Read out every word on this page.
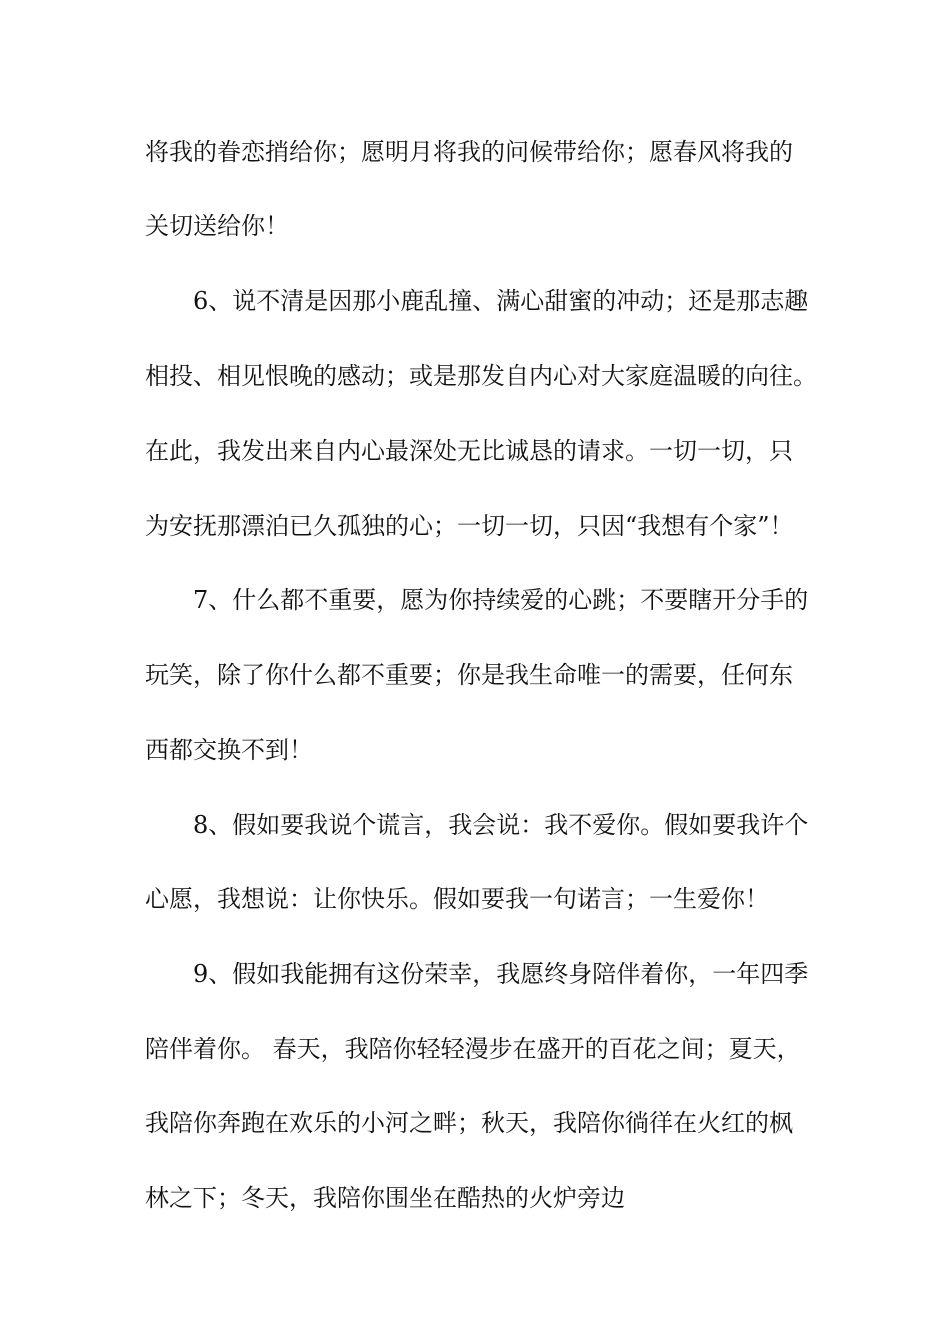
将我的眷恋捎给你；愿明月将我的问候带给你；愿春风将我的

关切送给你！

6、说不清是因那小鹿乱撞、满心甜蜜的冲动；还是那志趣

相投、相见恨晚的感动；或是那发自内心对大家庭温暖的向往。

在此，我发出来自内心最深处无比诚恳的请求。一切一切，只

为安抚那漂泊已久孤独的心；一切一切，只因“我想有个家”！

7、什么都不重要，愿为你持续爱的心跳；不要瞎开分手的

玩笑，除了你什么都不重要；你是我生命唯一的需要，任何东

西都交换不到！

8、假如要我说个谎言，我会说：我不爱你。假如要我许个

心愿，我想说：让你快乐。假如要我一句诺言；一生爱你！

9、假如我能拥有这份荣幸，我愿终身陪伴着你，一年四季

陪伴着你。 春天，我陪你轻轻漫步在盛开的百花之间；夏天，

我陪你奔跑在欢乐的小河之畔；秋天，我陪你徜徉在火红的枫

林之下；冬天，我陪你围坐在酷热的火炉旁边
